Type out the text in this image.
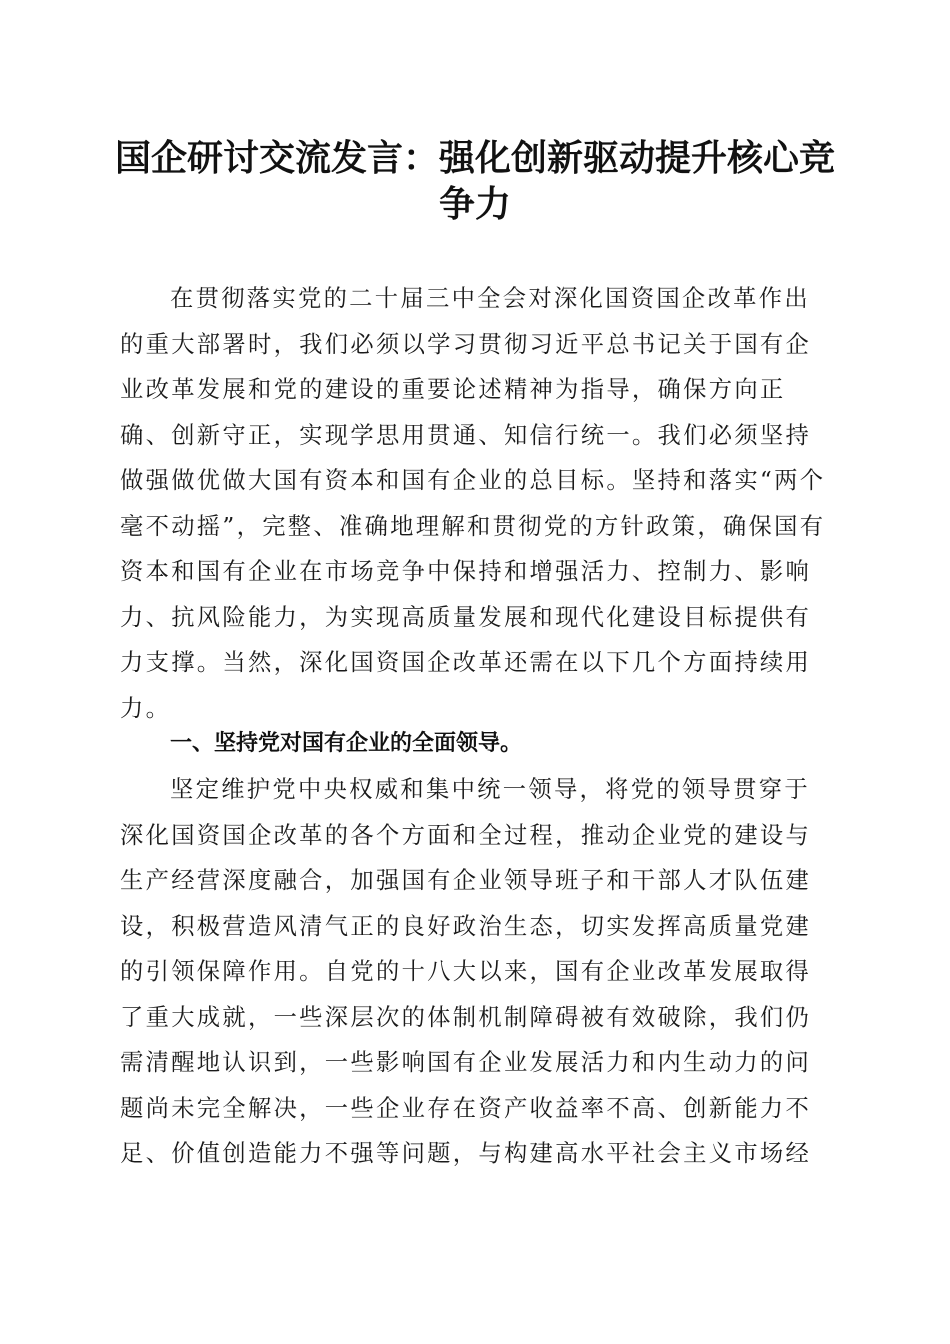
国企研讨交流发言：强化创新驱动提升核心竞争力

在贯彻落实党的二十届三中全会对深化国资国企改革作出的重大部署时，我们必须以学习贯彻习近平总书记关于国有企业改革发展和党的建设的重要论述精神为指导，确保方向正确、创新守正，实现学思用贯通、知信行统一。我们必须坚持做强做优做大国有资本和国有企业的总目标。坚持和落实“两个毫不动摇”，完整、准确地理解和贯彻党的方针政策，确保国有资本和国有企业在市场竞争中保持和增强活力、控制力、影响力、抗风险能力，为实现高质量发展和现代化建设目标提供有力支撑。当然，深化国资国企改革还需在以下几个方面持续用力。

一、坚持党对国有企业的全面领导。

坚定维护党中央权威和集中统一领导，将党的领导贯穿于深化国资国企改革的各个方面和全过程，推动企业党的建设与生产经营深度融合，加强国有企业领导班子和干部人才队伍建设，积极营造风清气正的良好政治生态，切实发挥高质量党建的引领保障作用。自党的十八大以来，国有企业改革发展取得了重大成就，一些深层次的体制机制障碍被有效破除，我们仍需清醒地认识到，一些影响国有企业发展活力和内生动力的问题尚未完全解决，一些企业存在资产收益率不高、创新能力不足、价值创造能力不强等问题，与构建高水平社会主义市场经
